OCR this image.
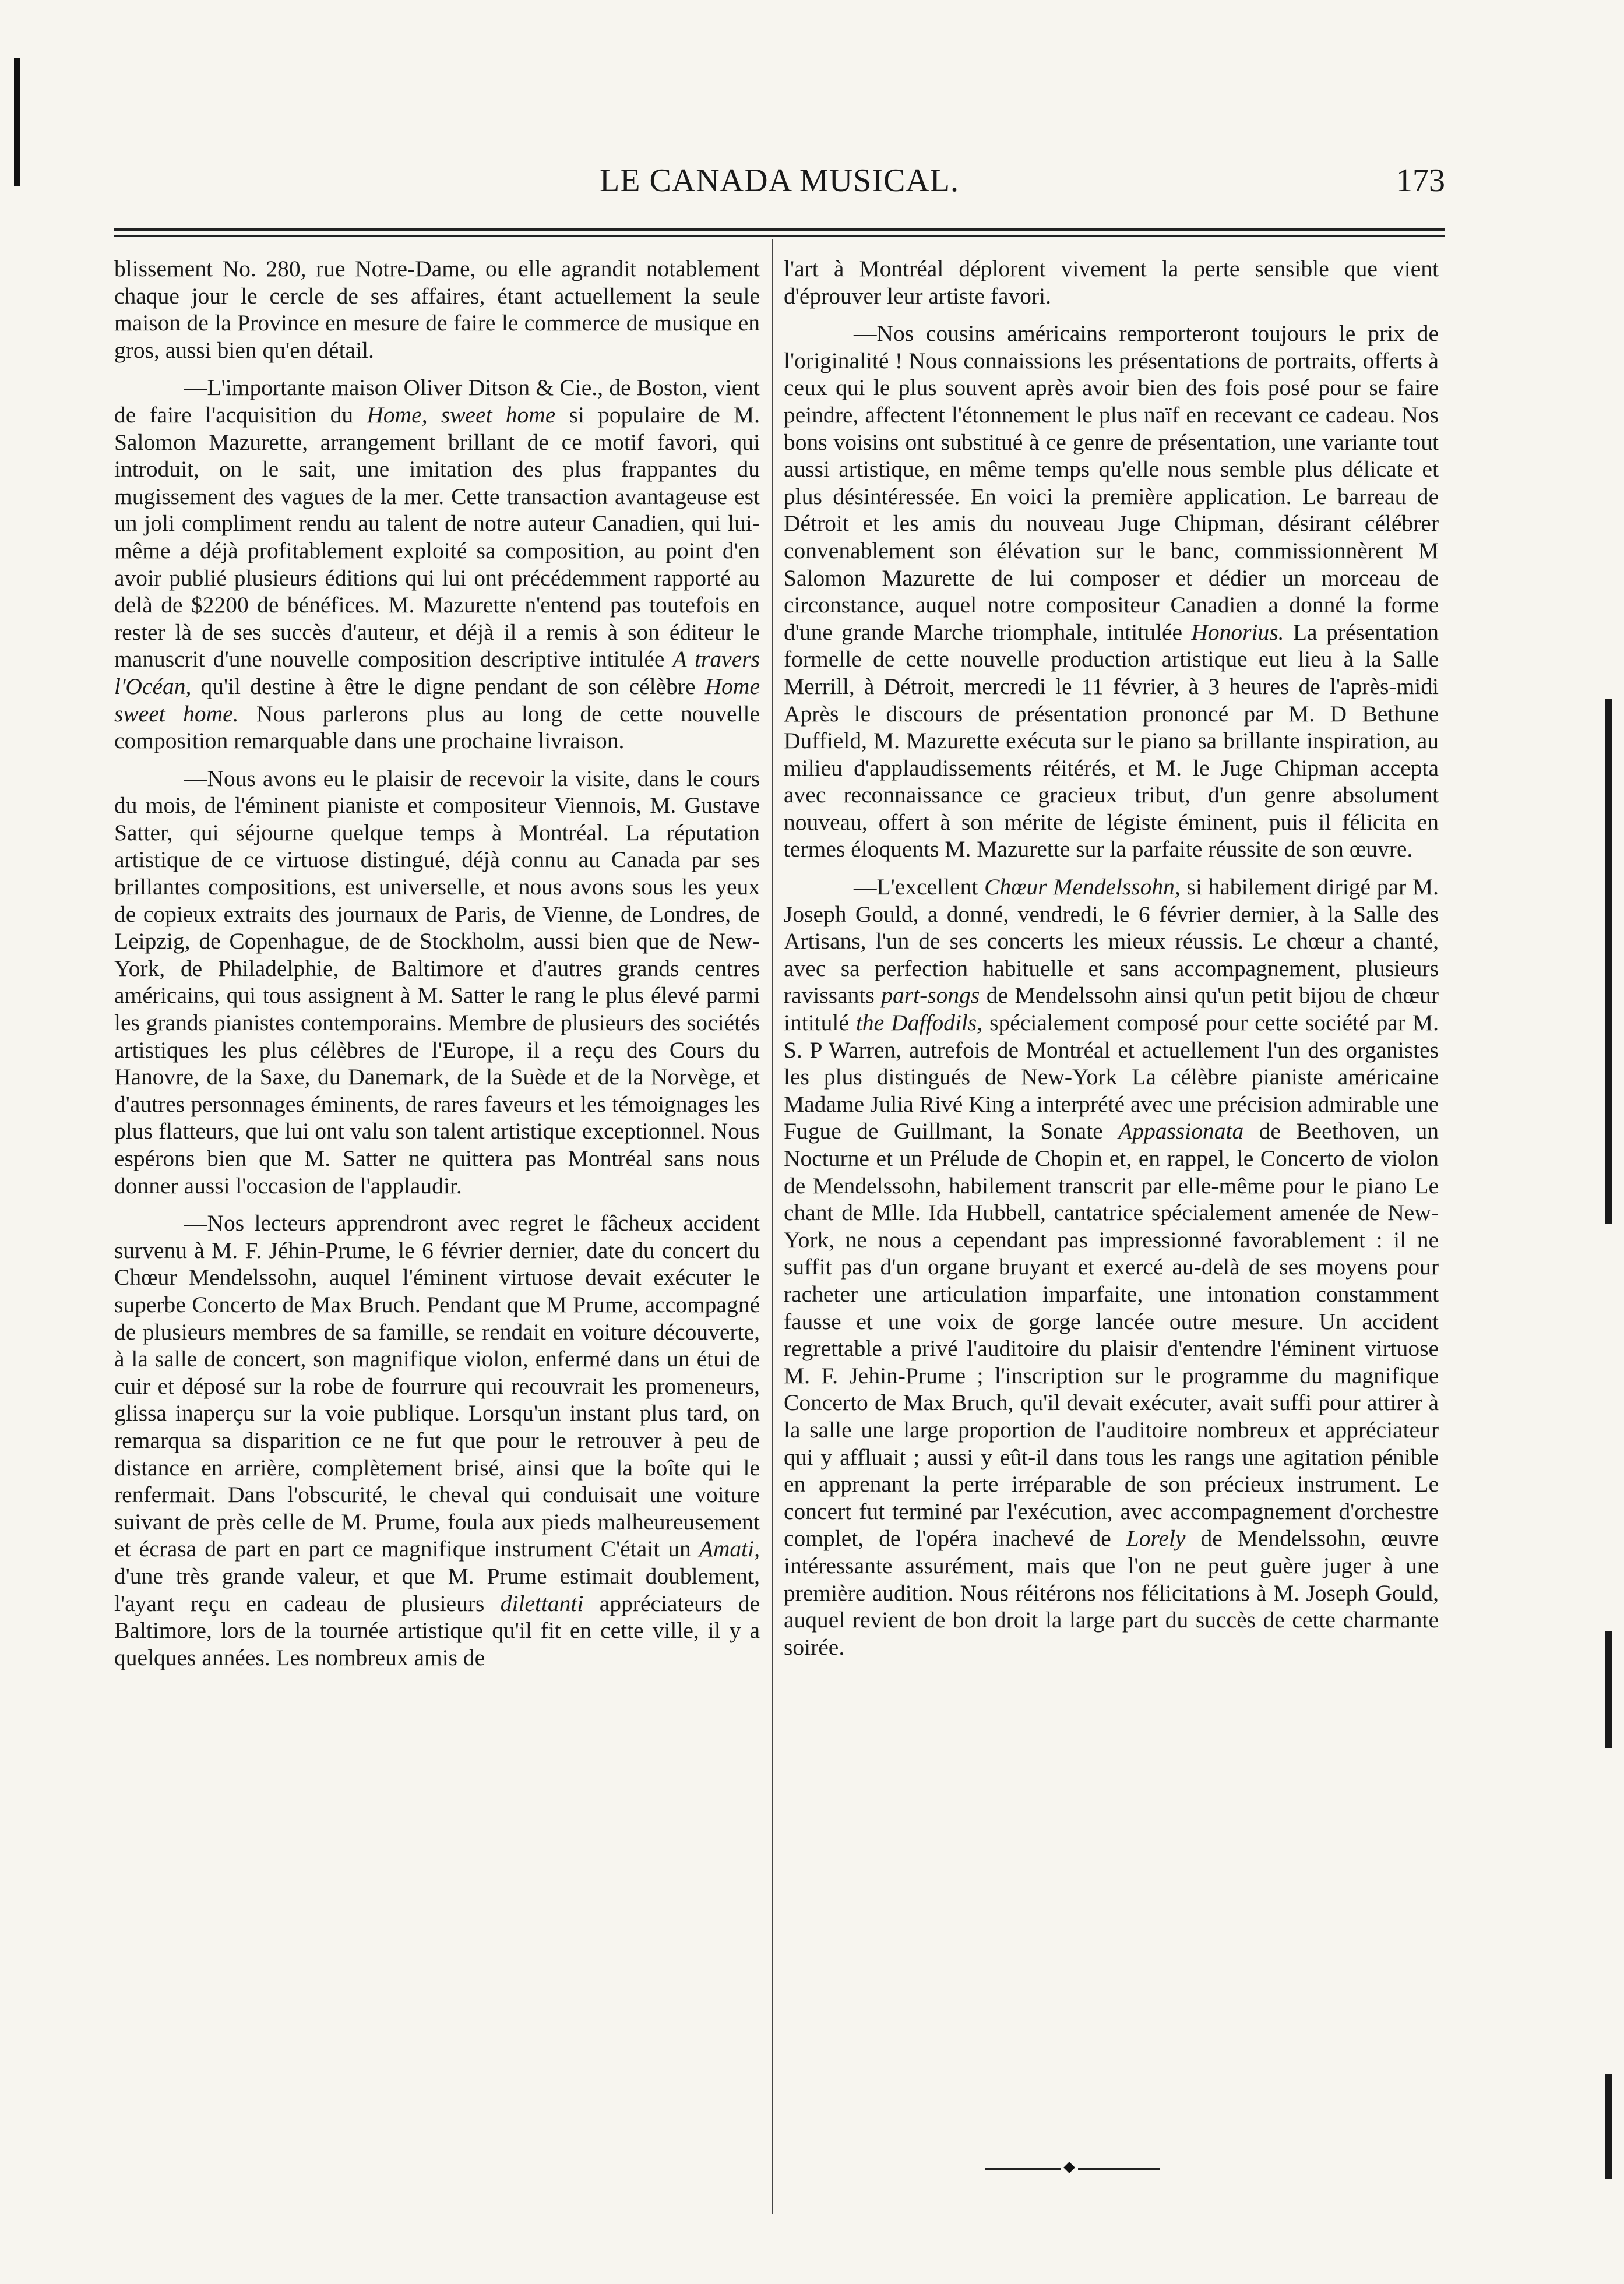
LE CANADA MUSICAL.	173

blissement No. 280, rue Notre-Dame, ou elle agrandit notablement chaque jour le cercle de ses affaires, étant actuellement la seule maison de la Province en mesure de faire le commerce de musique en gros, aussi bien qu'en détail.

—L'importante maison Oliver Ditson & Cie., de Boston, vient de faire l'acquisition du Home, sweet home si populaire de M. Salomon Mazurette, arrangement brillant de ce motif favori, qui introduit, on le sait, une imitation des plus frappantes du mugissement des vagues de la mer. Cette transaction avantageuse est un joli compliment rendu au talent de notre auteur Canadien, qui lui-même a déjà profitablement exploité sa composition, au point d'en avoir publié plusieurs éditions qui lui ont précédemment rapporté au delà de $2200 de bénéfices. M. Mazurette n'entend pas toutefois en rester là de ses succès d'auteur, et déjà il a remis à son éditeur le manuscrit d'une nouvelle composition descriptive intitulée A travers l'Océan, qu'il destine à être le digne pendant de son célèbre Home sweet home. Nous parlerons plus au long de cette nouvelle composition remarquable dans une prochaine livraison.

—Nous avons eu le plaisir de recevoir la visite, dans le cours du mois, de l'éminent pianiste et compositeur Viennois, M. Gustave Satter, qui séjourne quelque temps à Montréal. La réputation artistique de ce virtuose distingué, déjà connu au Canada par ses brillantes compositions, est universelle, et nous avons sous les yeux de copieux extraits des journaux de Paris, de Vienne, de Londres, de Leipzig, de Copenhague, de de Stockholm, aussi bien que de New-York, de Philadelphie, de Baltimore et d'autres grands centres américains, qui tous assignent à M. Satter le rang le plus élevé parmi les grands pianistes contemporains. Membre de plusieurs des sociétés artistiques les plus célèbres de l'Europe, il a reçu des Cours du Hanovre, de la Saxe, du Danemark, de la Suède et de la Norvège, et d'autres personnages éminents, de rares faveurs et les témoignages les plus flatteurs, que lui ont valu son talent artistique exceptionnel. Nous espérons bien que M. Satter ne quittera pas Montréal sans nous donner aussi l'occasion de l'applaudir.

—Nos lecteurs apprendront avec regret le fâcheux accident survenu à M. F. Jéhin-Prume, le 6 février dernier, date du concert du Chœur Mendelssohn, auquel l'éminent virtuose devait exécuter le superbe Concerto de Max Bruch. Pendant que M Prume, accompagné de plusieurs membres de sa famille, se rendait en voiture découverte, à la salle de concert, son magnifique violon, enfermé dans un étui de cuir et déposé sur la robe de fourrure qui recouvrait les promeneurs, glissa inaperçu sur la voie publique. Lorsqu'un instant plus tard, on remarqua sa disparition ce ne fut que pour le retrouver à peu de distance en arrière, complètement brisé, ainsi que la boîte qui le renfermait. Dans l'obscurité, le cheval qui conduisait une voiture suivant de près celle de M. Prume, foula aux pieds malheureusement et écrasa de part en part ce magnifique instrument C'était un Amati, d'une très grande valeur, et que M. Prume estimait doublement, l'ayant reçu en cadeau de plusieurs dilettanti appréciateurs de Baltimore, lors de la tournée artistique qu'il fit en cette ville, il y a quelques années. Les nombreux amis de

l'art à Montréal déplorent vivement la perte sensible que vient d'éprouver leur artiste favori.

—Nos cousins américains remporteront toujours le prix de l'originalité ! Nous connaissions les présentations de portraits, offerts à ceux qui le plus souvent après avoir bien des fois posé pour se faire peindre, affectent l'étonnement le plus naïf en recevant ce cadeau. Nos bons voisins ont substitué à ce genre de présentation, une variante tout aussi artistique, en même temps qu'elle nous semble plus délicate et plus désintéressée. En voici la première application. Le barreau de Détroit et les amis du nouveau Juge Chipman, désirant célébrer convenablement son élévation sur le banc, commissionnèrent M Salomon Mazurette de lui composer et dédier un morceau de circonstance, auquel notre compositeur Canadien a donné la forme d'une grande Marche triomphale, intitulée Honorius. La présentation formelle de cette nouvelle production artistique eut lieu à la Salle Merrill, à Détroit, mercredi le 11 février, à 3 heures de l'après-midi Après le discours de présentation prononcé par M. D Bethune Duffield, M. Mazurette exécuta sur le piano sa brillante inspiration, au milieu d'applaudissements réitérés, et M. le Juge Chipman accepta avec reconnaissance ce gracieux tribut, d'un genre absolument nouveau, offert à son mérite de légiste éminent, puis il félicita en termes éloquents M. Mazurette sur la parfaite réussite de son œuvre.

—L'excellent Chœur Mendelssohn, si habilement dirigé par M. Joseph Gould, a donné, vendredi, le 6 février dernier, à la Salle des Artisans, l'un de ses concerts les mieux réussis. Le chœur a chanté, avec sa perfection habituelle et sans accompagnement, plusieurs ravissants part-songs de Mendelssohn ainsi qu'un petit bijou de chœur intitulé the Daffodils, spécialement composé pour cette société par M. S. P Warren, autrefois de Montréal et actuellement l'un des organistes les plus distingués de New-York La célèbre pianiste américaine Madame Julia Rivé King a interprété avec une précision admirable une Fugue de Guillmant, la Sonate Appassionata de Beethoven, un Nocturne et un Prélude de Chopin et, en rappel, le Concerto de violon de Mendelssohn, habilement transcrit par elle-même pour le piano Le chant de Mlle. Ida Hubbell, cantatrice spécialement amenée de New-York, ne nous a cependant pas impressionné favorablement : il ne suffit pas d'un organe bruyant et exercé au-delà de ses moyens pour racheter une articulation imparfaite, une intonation constamment fausse et une voix de gorge lancée outre mesure. Un accident regrettable a privé l'auditoire du plaisir d'entendre l'éminent virtuose M. F. Jehin-Prume ; l'inscription sur le programme du magnifique Concerto de Max Bruch, qu'il devait exécuter, avait suffi pour attirer à la salle une large proportion de l'auditoire nombreux et appréciateur qui y affluait ; aussi y eût-il dans tous les rangs une agitation pénible en apprenant la perte irréparable de son précieux instrument. Le concert fut terminé par l'exécution, avec accompagnement d'orchestre complet, de l'opéra inachevé de Lorely de Mendelssohn, œuvre intéressante assurément, mais que l'on ne peut guère juger à une première audition. Nous réitérons nos félicitations à M. Joseph Gould, auquel revient de bon droit la large part du succès de cette charmante soirée.
